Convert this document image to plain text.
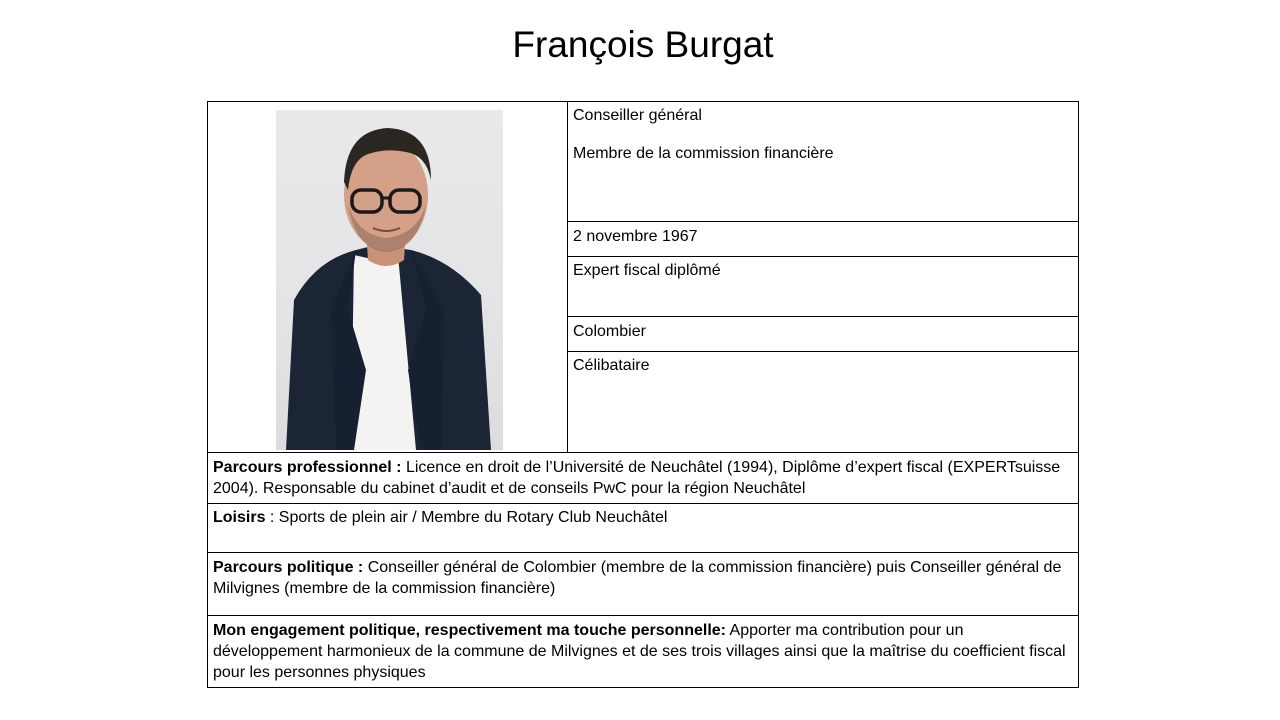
François Burgat
Conseiller général
Membre de la commission financière
2 novembre 1967
Expert fiscal diplômé
Colombier
Célibataire
Parcours professionnel : Licence en droit de l’Université de Neuchâtel (1994), Diplôme d’expert fiscal (EXPERTsuisse 2004). Responsable du cabinet d’audit et de conseils PwC pour la région Neuchâtel
Loisirs : Sports de plein air / Membre du Rotary Club Neuchâtel
Parcours politique : Conseiller général de Colombier (membre de la commission financière) puis Conseiller général de Milvignes (membre de la commission financière)
Mon engagement politique, respectivement ma touche personnelle: Apporter ma contribution pour un développement harmonieux de la commune de Milvignes et de ses trois villages ainsi que la maîtrise du coefficient fiscal pour les personnes physiques
